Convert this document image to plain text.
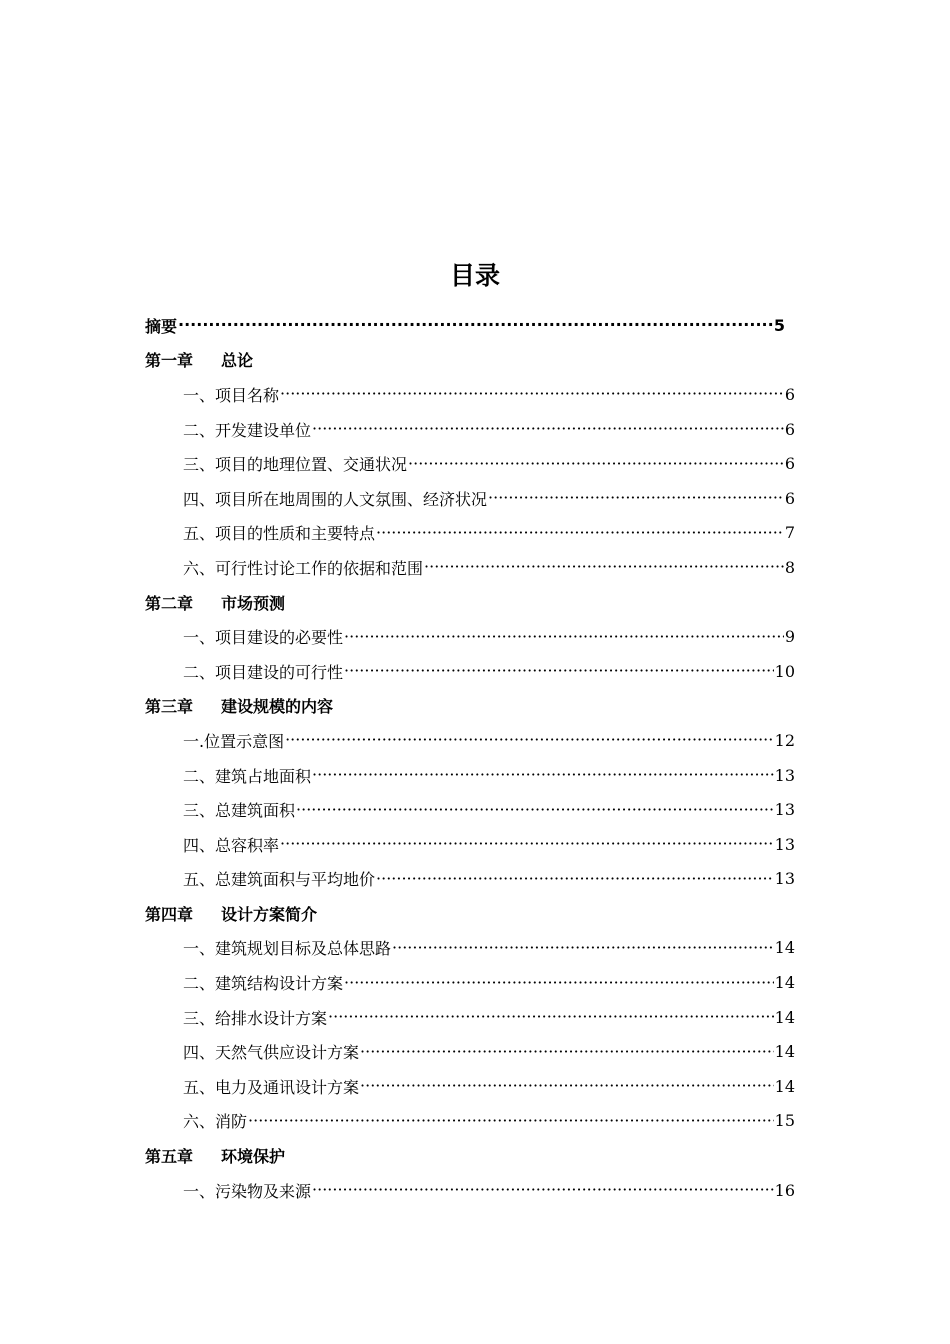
目录
摘要 ·····	5
第一章	总论
一、项目名称 ·····	6
二、开发建设单位 ·····	6
三、项目的地理位置、交通状况 ·····	6
四、项目所在地周围的人文氛围、经济状况 ·····	6
五、项目的性质和主要特点 ·····	7
六、可行性讨论工作的依据和范围 ·····	8
第二章	市场预测
一、项目建设的必要性 ·····	9
二、项目建设的可行性 ·····	10
第三章	建设规模的内容
一.位置示意图 ·····	12
二、建筑占地面积 ·····	13
三、总建筑面积 ·····	13
四、总容积率 ·····	13
五、总建筑面积与平均地价 ·····	13
第四章	设计方案简介
一、建筑规划目标及总体思路 ·····	14
二、建筑结构设计方案 ·····	14
三、给排水设计方案 ·····	14
四、天然气供应设计方案 ·····	14
五、电力及通讯设计方案 ·····	14
六、消防 ·····	15
第五章	环境保护
一、污染物及来源 ·····	16
